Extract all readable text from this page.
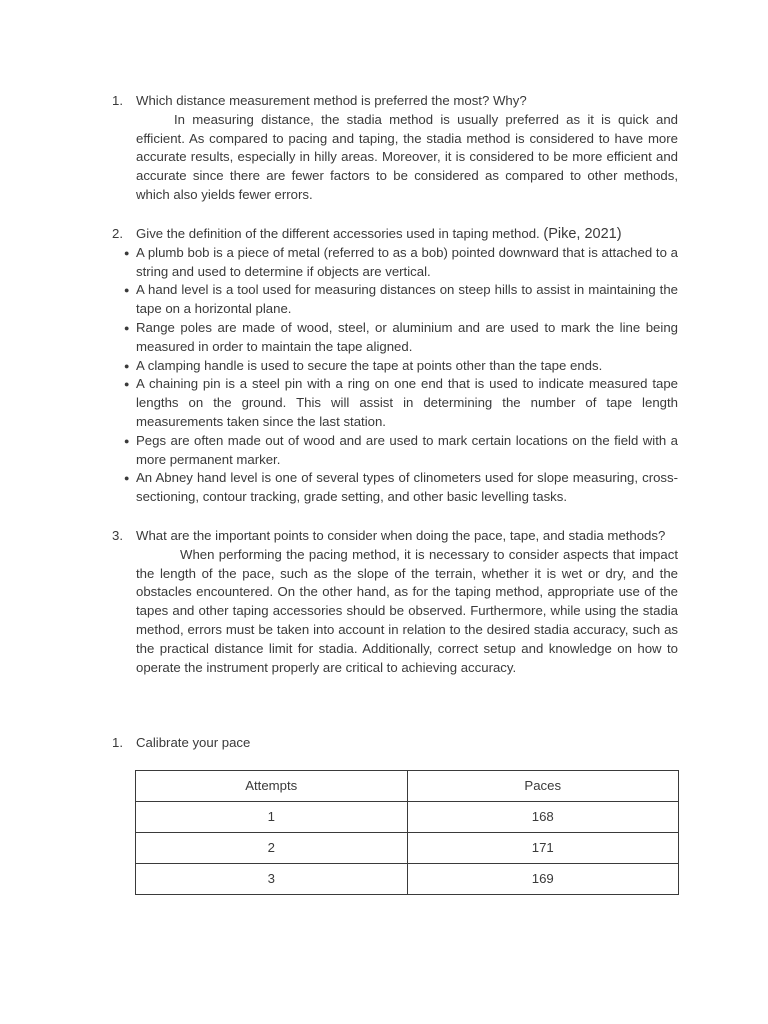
1. Which distance measurement method is preferred the most? Why?
In measuring distance, the stadia method is usually preferred as it is quick and efficient. As compared to pacing and taping, the stadia method is considered to have more accurate results, especially in hilly areas. Moreover, it is considered to be more efficient and accurate since there are fewer factors to be considered as compared to other methods, which also yields fewer errors.
2. Give the definition of the different accessories used in taping method. (Pike, 2021)
● A plumb bob is a piece of metal (referred to as a bob) pointed downward that is attached to a string and used to determine if objects are vertical.
● A hand level is a tool used for measuring distances on steep hills to assist in maintaining the tape on a horizontal plane.
● Range poles are made of wood, steel, or aluminium and are used to mark the line being measured in order to maintain the tape aligned.
● A clamping handle is used to secure the tape at points other than the tape ends.
● A chaining pin is a steel pin with a ring on one end that is used to indicate measured tape lengths on the ground. This will assist in determining the number of tape length measurements taken since the last station.
● Pegs are often made out of wood and are used to mark certain locations on the field with a more permanent marker.
● An Abney hand level is one of several types of clinometers used for slope measuring, cross-sectioning, contour tracking, grade setting, and other basic levelling tasks.
3. What are the important points to consider when doing the pace, tape, and stadia methods?
When performing the pacing method, it is necessary to consider aspects that impact the length of the pace, such as the slope of the terrain, whether it is wet or dry, and the obstacles encountered. On the other hand, as for the taping method, appropriate use of the tapes and other taping accessories should be observed. Furthermore, while using the stadia method, errors must be taken into account in relation to the desired stadia accuracy, such as the practical distance limit for stadia. Additionally, correct setup and knowledge on how to operate the instrument properly are critical to achieving accuracy.
1. Calibrate your pace
Attempts	Paces
1	168
2	171
3	169
